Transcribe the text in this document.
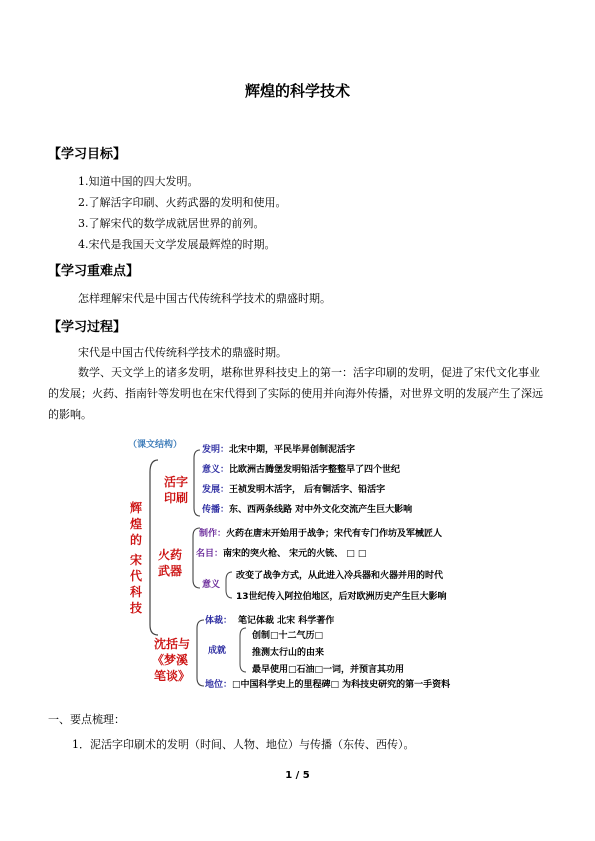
辉煌的科学技术
【学习目标】
1.知道中国的四大发明。
2.了解活字印刷、火药武器的发明和使用。
3.了解宋代的数学成就居世界的前列。
4.宋代是我国天文学发展最辉煌的时期。
【学习重难点】
怎样理解宋代是中国古代传统科学技术的鼎盛时期。
【学习过程】
宋代是中国古代传统科学技术的鼎盛时期。
数学、天文学上的诸多发明，堪称世界科技史上的第一：活字印刷的发明，促进了宋代文化事业的发展；火药、指南针等发明也在宋代得到了实际的使用并向海外传播，对世界文明的发展产生了深远的影响。
（课文结构）
辉
煌
的
宋
代
科
技
活字
印刷
发明：北宋中期，平民毕昇创制泥活字
意义：比欧洲古腾堡发明铅活字整整早了四个世纪
发展：王祯发明木活字， 后有铜活字、铅活字
传播：东、西两条线路 对中外文化交流产生巨大影响
火药
武器
制作：火药在唐末开始用于战争；宋代有专门作坊及军械匠人
名目：南宋的突火枪、 宋元的火铳、 □ □
意义
改变了战争方式，从此进入冷兵器和火器并用的时代
13世纪传入阿拉伯地区，后对欧洲历史产生巨大影响
沈括与
《梦溪
笔谈》
体裁： 笔记体裁 北宋 科学著作
成就
地位：□中国科学史上的里程碑□ 为科技史研究的第一手资料
创制□十二气历□
推测太行山的由来
最早使用□石油□一词，并预言其功用
一、要点梳理：
1．泥活字印刷术的发明（时间、人物、地位）与传播（东传、西传）。
1 / 5
